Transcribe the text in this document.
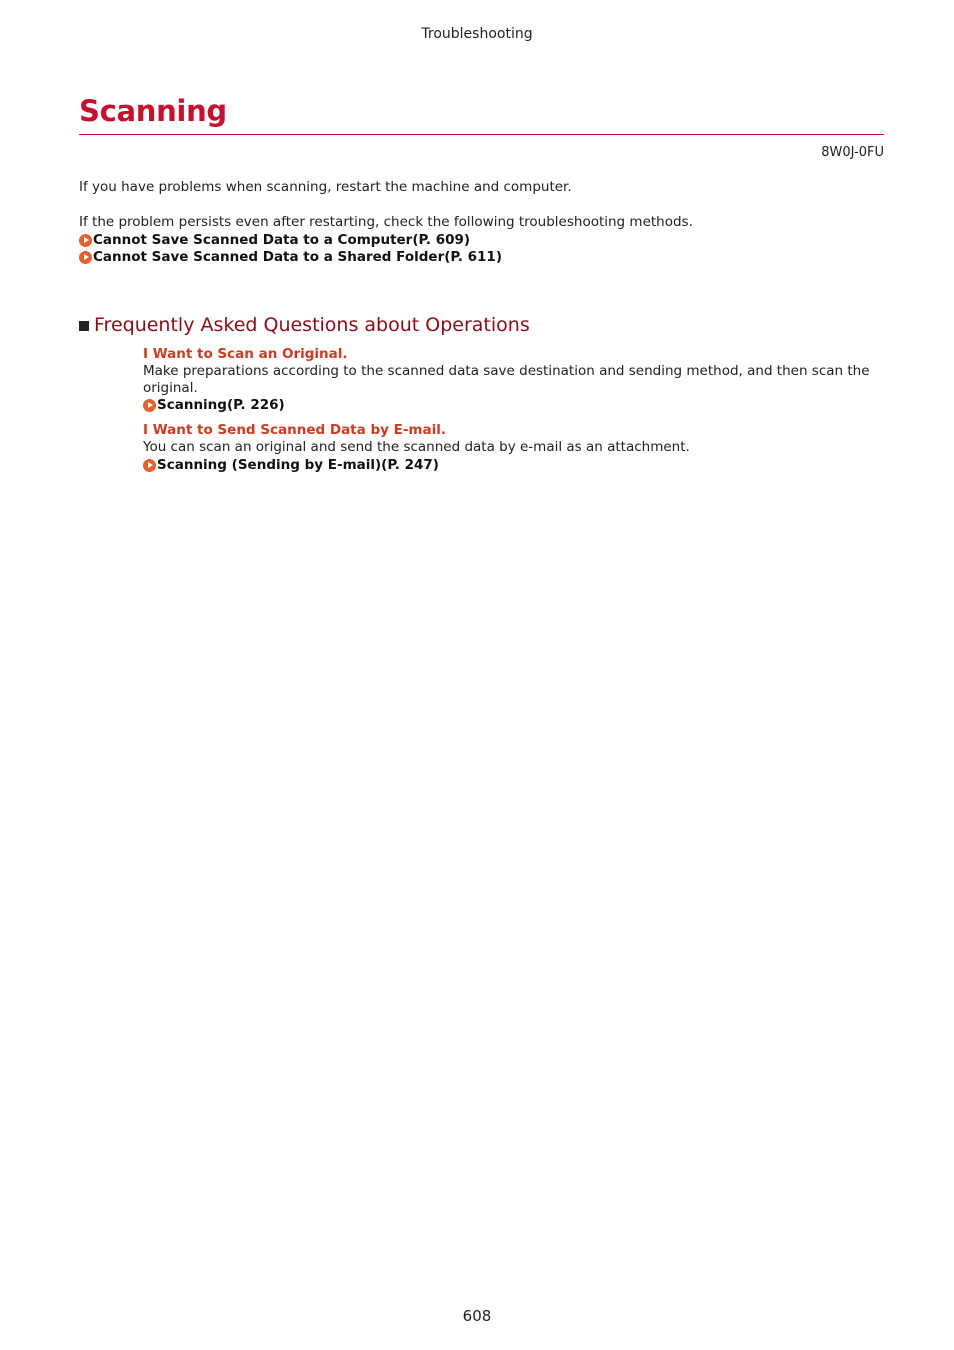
Troubleshooting
Scanning
8W0J-0FU
If you have problems when scanning, restart the machine and computer.
If the problem persists even after restarting, check the following troubleshooting methods.
Cannot Save Scanned Data to a Computer(P. 609)
Cannot Save Scanned Data to a Shared Folder(P. 611)
Frequently Asked Questions about Operations
I Want to Scan an Original.
Make preparations according to the scanned data save destination and sending method, and then scan the original.
Scanning(P. 226)
I Want to Send Scanned Data by E-mail.
You can scan an original and send the scanned data by e-mail as an attachment.
Scanning (Sending by E-mail)(P. 247)
608
